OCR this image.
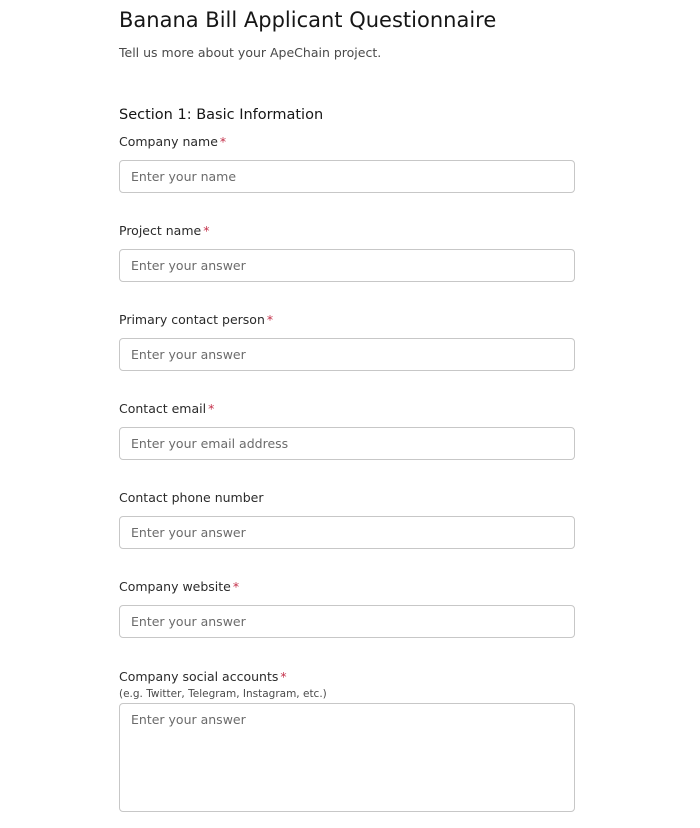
Banana Bill Applicant Questionnaire

Tell us more about your ApeChain project.

Section 1: Basic Information
Company name *
Enter your name
Project name *
Enter your answer
Primary contact person *
Enter your answer
Contact email *
Enter your email address
Contact phone number
Enter your answer
Company website *
Enter your answer
Company social accounts *
(e.g. Twitter, Telegram, Instagram, etc.)
Enter your answer
